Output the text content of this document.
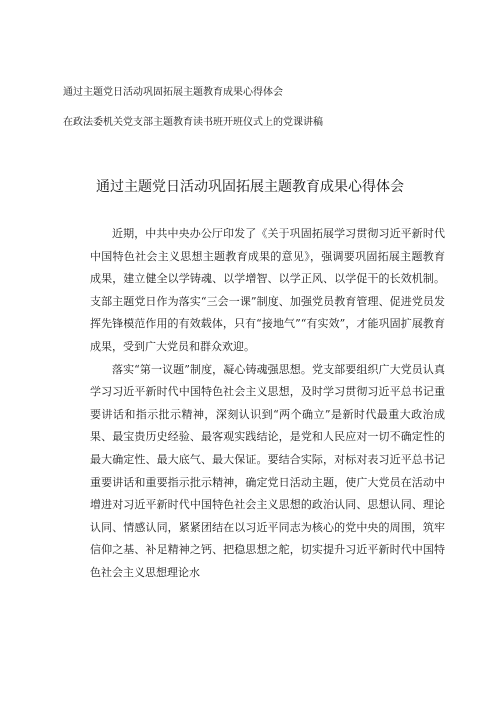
通过主题党日活动巩固拓展主题教育成果心得体会
在政法委机关党支部主题教育读书班开班仪式上的党课讲稿
通过主题党日活动巩固拓展主题教育成果心得体会

近期，中共中央办公厅印发了《关于巩固拓展学习贯彻习近平新时代中国特色社会主义思想主题教育成果的意见》，强调要巩固拓展主题教育成果，建立健全以学铸魂、以学增智、以学正风、以学促干的长效机制。支部主题党日作为落实“三会一课”制度、加强党员教育管理、促进党员发挥先锋模范作用的有效载体，只有“接地气”“有实效”，才能巩固扩展教育成果，受到广大党员和群众欢迎。

落实“第一议题”制度，凝心铸魂强思想。党支部要组织广大党员认真学习习近平新时代中国特色社会主义思想，及时学习贯彻习近平总书记重要讲话和指示批示精神，深刻认识到“两个确立”是新时代最重大政治成果、最宝贵历史经验、最客观实践结论，是党和人民应对一切不确定性的最大确定性、最大底气、最大保证。要结合实际，对标对表习近平总书记重要讲话和重要指示批示精神，确定党日活动主题，使广大党员在活动中增进对习近平新时代中国特色社会主义思想的政治认同、思想认同、理论认同、情感认同，紧紧团结在以习近平同志为核心的党中央的周围，筑牢信仰之基、补足精神之钙、把稳思想之舵，切实提升习近平新时代中国特色社会主义思想理论水
